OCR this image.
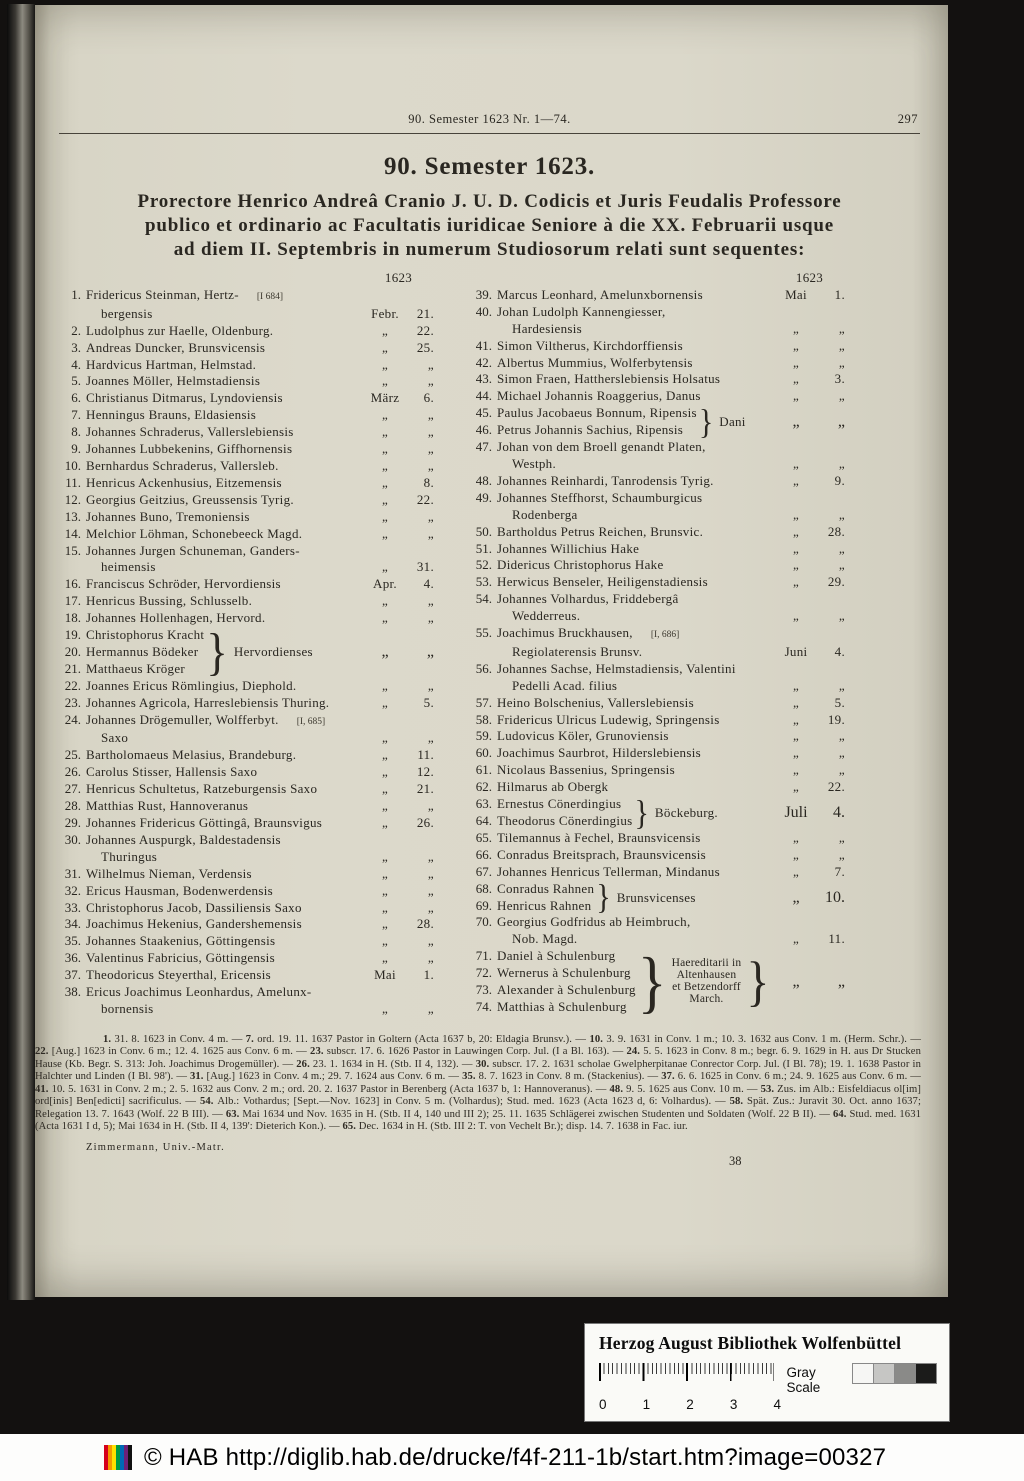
90. Semester 1623 Nr. 1—74.	297
90. Semester 1623.
Prorectore Henrico Andreâ Cranio J. U. D. Codicis et Juris Feudalis Professore
publico et ordinario ac Facultatis iuridicae Seniore à die XX. Februarii usque
ad diem II. Septembris in numerum Studiosorum relati sunt sequentes:
1623
1. Fridericus Steinman, Hertz- [I 684]
bergensis	Febr.	21.
2. Ludolphus zur Haelle, Oldenburg.	„	22.
3. Andreas Duncker, Brunsvicensis	„	25.
4. Hardvicus Hartman, Helmstad.	„	„
5. Joannes Möller, Helmstadiensis	„	„
6. Christianus Ditmarus, Lyndoviensis	März	6.
7. Henningus Brauns, Eldasiensis	„	„
8. Johannes Schraderus, Vallerslebiensis	„	„
9. Johannes Lubbekenins, Giffhornensis	„	„
10. Bernhardus Schraderus, Vallersleb.	„	„
11. Henricus Ackenhusius, Eitzemensis	„	8.
12. Georgius Geitzius, Greussensis Tyrig.	„	22.
13. Johannes Buno, Tremoniensis	„	„
14. Melchior Löhman, Schonebeeck Magd.	„	„
15. Johannes Jurgen Schuneman, Ganders-
heimensis	„	31.
16. Franciscus Schröder, Hervordiensis	Apr.	4.
17. Henricus Bussing, Schlusselb.	„	„
18. Johannes Hollenhagen, Hervord.	„	„
19. Christophorus Kracht
20. Hermannus Bödeker
21. Matthaeus Kröger } Hervordienses	„	„
22. Joannes Ericus Römlingius, Diephold.	„	„
23. Johannes Agricola, Harreslebiensis Thuring.	„	5.
24. Johannes Drögemuller, Wolfferbyt. [I, 685]
Saxo	„	„
25. Bartholomaeus Melasius, Brandeburg.	„	11.
26. Carolus Stisser, Hallensis Saxo	„	12.
27. Henricus Schultetus, Ratzeburgensis Saxo	„	21.
28. Matthias Rust, Hannoveranus	„	„
29. Johannes Fridericus Göttingâ, Braunsvigus	„	26.
30. Johannes Auspurgk, Baldestadensis
Thuringus	„	„
31. Wilhelmus Nieman, Verdensis	„	„
32. Ericus Hausman, Bodenwerdensis	„	„
33. Christophorus Jacob, Dassiliensis Saxo	„	„
34. Joachimus Hekenius, Gandershemensis	„	28.
35. Johannes Staakenius, Göttingensis	„	„
36. Valentinus Fabricius, Göttingensis	„	„
37. Theodoricus Steyerthal, Ericensis	Mai	1.
38. Ericus Joachimus Leonhardus, Amelunx-
bornensis	„	„
1623
39. Marcus Leonhard, Amelunxbornensis	Mai	1.
40. Johan Ludolph Kannengiesser,
Hardesiensis	„	„
41. Simon Viltherus, Kirchdorffiensis	„	„
42. Albertus Mummius, Wolferbytensis	„	„
43. Simon Fraen, Hattherslebiensis Holsatus	„	3.
44. Michael Johannis Roaggerius, Danus	„	„
45. Paulus Jacobaeus Bonnum, Ripensis
46. Petrus Johannis Sachius, Ripensis } Dani	„	„
47. Johan von dem Broell genandt Platen,
Westph.	„	„
48. Johannes Reinhardi, Tanrodensis Tyrig.	„	9.
49. Johannes Steffhorst, Schaumburgicus
Rodenberga	„	„
50. Bartholdus Petrus Reichen, Brunsvic.	„	28.
51. Johannes Willichius Hake	„	„
52. Didericus Christophorus Hake	„	„
53. Herwicus Benseler, Heiligenstadiensis	„	29.
54. Johannes Volhardus, Friddebergâ
Wedderreus.	„	„
55. Joachimus Bruckhausen, [I, 686]
Regiolaterensis Brunsv.	Juni	4.
56. Johannes Sachse, Helmstadiensis, Valentini
Pedelli Acad. filius	„	„
57. Heino Bolschenius, Vallerslebiensis	„	5.
58. Fridericus Ulricus Ludewig, Springensis	„	19.
59. Ludovicus Köler, Grunoviensis	„	„
60. Joachimus Saurbrot, Hilderslebiensis	„	„
61. Nicolaus Bassenius, Springensis	„	„
62. Hilmarus ab Obergk	„	22.
63. Ernestus Cönerdingius
64. Theodorus Cönerdingius } Böckeburg.	Juli	4.
65. Tilemannus à Fechel, Braunsvicensis	„	„
66. Conradus Breitsprach, Braunsvicensis	„	„
67. Johannes Henricus Tellerman, Mindanus	„	7.
68. Conradus Rahnen
69. Henricus Rahnen } Brunsvicenses	„	10.
70. Georgius Godfridus ab Heimbruch,
Nob. Magd.	„	11.
71. Daniel à Schulenburg
72. Wernerus à Schulenburg
73. Alexander à Schulenburg
74. Matthias à Schulenburg } Haereditarii in
Altenhausen
et Betzendorff
March. }	„	„
1. 31. 8. 1623 in Conv. 4 m. — 7. ord. 19. 11. 1637 Pastor in Goltern (Acta 1637 b, 20: Eldagia Brunsv.). — 10. 3. 9. 1631 in Conv. 1 m.; 10. 3. 1632 aus Conv. 1 m. (Herm. Schr.). — 22. [Aug.] 1623 in Conv. 6 m.; 12. 4. 1625 aus Conv. 6 m. — 23. subscr. 17. 6. 1626 Pastor in Lauwingen Corp. Jul. (I a Bl. 163). — 24. 5. 5. 1623 in Conv. 8 m.; begr. 6. 9. 1629 in H. aus Dr Stucken Hause (Kb. Begr. S. 313: Joh. Joachimus Drogemüller). — 26. 23. 1. 1634 in H. (Stb. II 4, 132). — 30. subscr. 17. 2. 1631 scholae Gwelpherpitanae Conrector Corp. Jul. (I Bl. 78); 19. 1. 1638 Pastor in Halchter und Linden (I Bl. 98'). — 31. [Aug.] 1623 in Conv. 4 m.; 29. 7. 1624 aus Conv. 6 m. — 35. 8. 7. 1623 in Conv. 8 m. (Stackenius). — 37. 6. 6. 1625 in Conv. 6 m.; 24. 9. 1625 aus Conv. 6 m. — 41. 10. 5. 1631 in Conv. 2 m.; 2. 5. 1632 aus Conv. 2 m.; ord. 20. 2. 1637 Pastor in Berenberg (Acta 1637 b, 1: Hannoveranus). — 48. 9. 5. 1625 aus Conv. 10 m. — 53. Zus. im Alb.: Eisfeldiacus ol[im] ord[inis] Ben[edicti] sacrificulus. — 54. Alb.: Vothardus; [Sept.—Nov. 1623] in Conv. 5 m. (Volhardus); Stud. med. 1623 (Acta 1623 d, 6: Volhardus). — 58. Spät. Zus.: Juravit 30. Oct. anno 1637; Relegation 13. 7. 1643 (Wolf. 22 B III). — 63. Mai 1634 und Nov. 1635 in H. (Stb. II 4, 140 und III 2); 25. 11. 1635 Schlägerei zwischen Studenten und Soldaten (Wolf. 22 B II). — 64. Stud. med. 1631 (Acta 1631 I d, 5); Mai 1634 in H. (Stb. II 4, 139': Dieterich Kon.). — 65. Dec. 1634 in H. (Stb. III 2: T. von Vechelt Br.); disp. 14. 7. 1638 in Fac. iur.
Zimmermann, Univ.-Matr.
38
Herzog August Bibliothek Wolfenbüttel
Gray Scale
0	1	2	3	4
© HAB http://diglib.hab.de/drucke/f4f-211-1b/start.htm?image=00327
